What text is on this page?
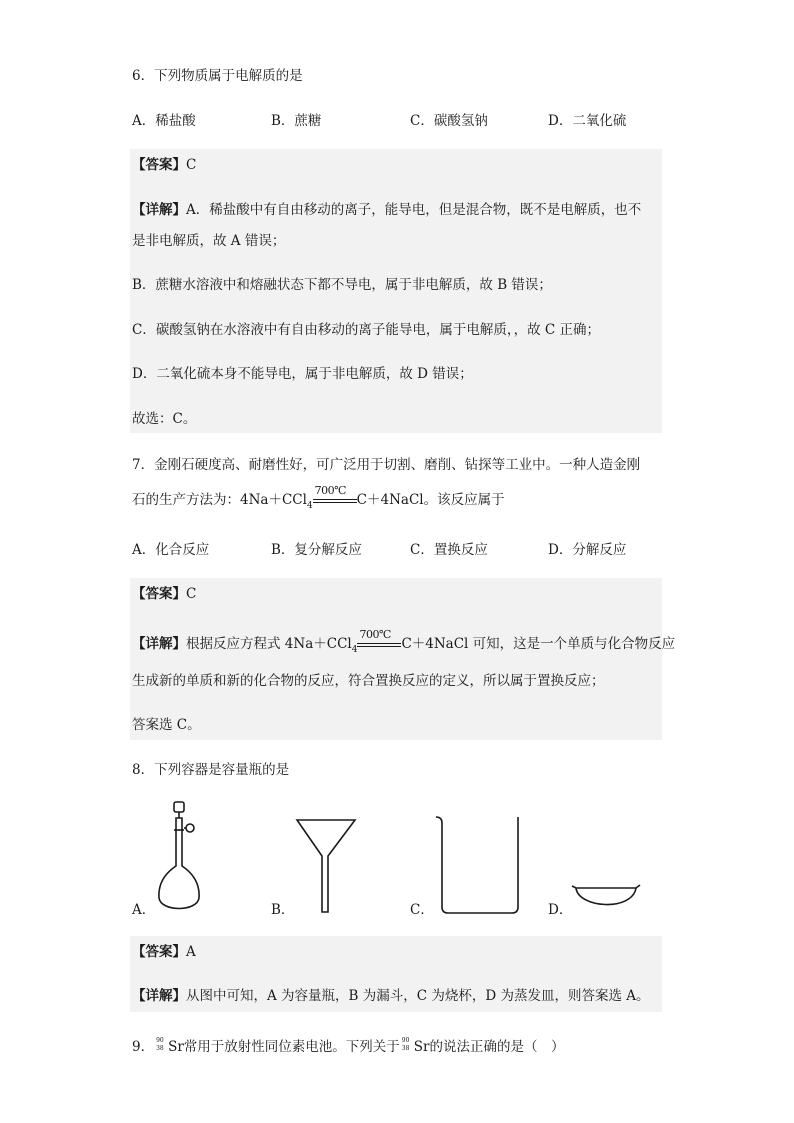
6．下列物质属于电解质的是
A．稀盐酸	B．蔗糖	C．碳酸氢钠	D．二氧化硫
【答案】C
【详解】A．稀盐酸中有自由移动的离子，能导电，但是混合物，既不是电解质，也不
是非电解质，故 A 错误；
B．蔗糖水溶液中和熔融状态下都不导电，属于非电解质，故 B 错误；
C．碳酸氢钠在水溶液中有自由移动的离子能导电，属于电解质，，故 C 正确；
D．二氧化硫本身不能导电，属于非电解质，故 D 错误；
故选：C。
7．金刚石硬度高、耐磨性好，可广泛用于切割、磨削、钻探等工业中。一种人造金刚
石的生产方法为：4Na＋CCl$_4$
700℃
C＋4NaCl。该反应属于
A．化合反应	B．复分解反应	C．置换反应	D．分解反应
【答案】C
【详解】根据反应方程式 4Na＋CCl$_4$
700℃
C＋4NaCl 可知，这是一个单质与化合物反应
生成新的单质和新的化合物的反应，符合置换反应的定义，所以属于置换反应；
答案选 C。
8．下列容器是容量瓶的是
A．	B．	C．	D．
【答案】A
【详解】从图中可知，A 为容量瓶，B 为漏斗，C 为烧杯，D 为蒸发皿，则答案选 A。
9． 90
38 Sr常用于放射性同位素电池。下列关于 90
38 Sr的说法正确的是（　）
